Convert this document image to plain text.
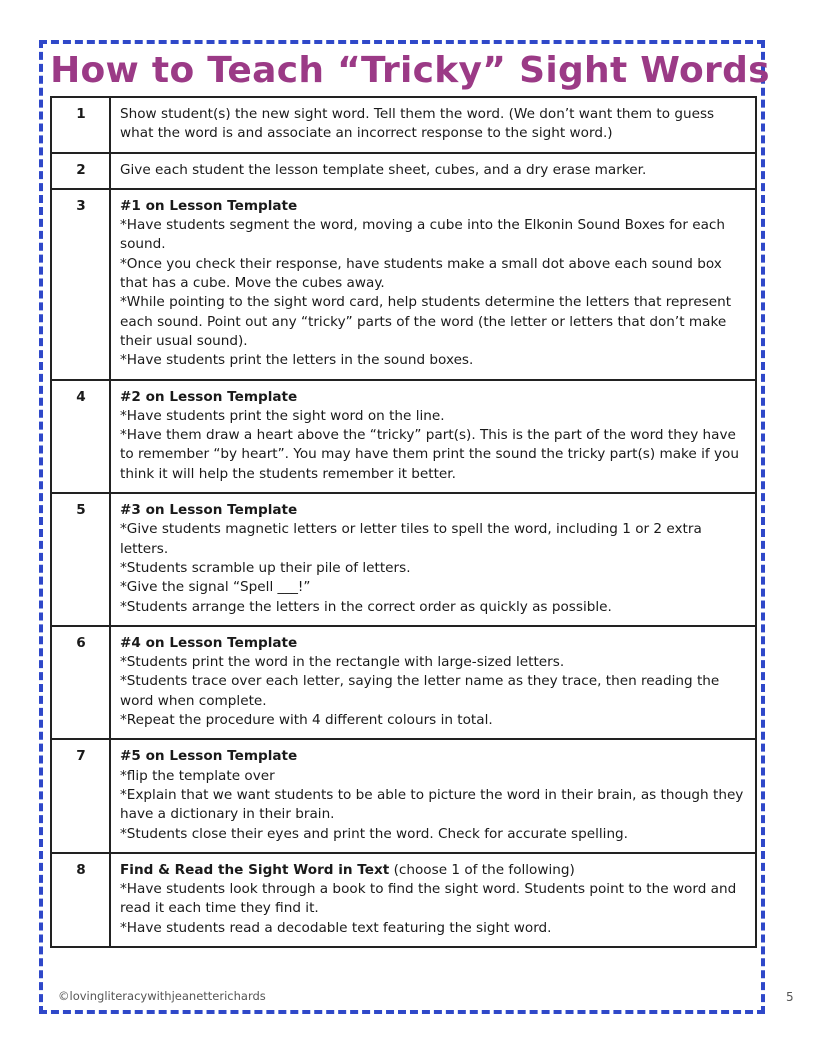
How to Teach “Tricky” Sight Words
1	Show student(s) the new sight word. Tell them the word. (We don’t want them to guess what the word is and associate an incorrect response to the sight word.)

2	Give each student the lesson template sheet, cubes, and a dry erase marker.

3	#1 on Lesson Template
*Have students segment the word, moving a cube into the Elkonin Sound Boxes for each sound.
*Once you check their response, have students make a small dot above each sound box that has a cube. Move the cubes away.
*While pointing to the sight word card, help students determine the letters that represent each sound. Point out any “tricky” parts of the word (the letter or letters that don’t make their usual sound).
*Have students print the letters in the sound boxes.

4	#2 on Lesson Template
*Have students print the sight word on the line.
*Have them draw a heart above the “tricky” part(s). This is the part of the word they have to remember “by heart”. You may have them print the sound the tricky part(s) make if you think it will help the students remember it better.

5	#3 on Lesson Template
*Give students magnetic letters or letter tiles to spell the word, including 1 or 2 extra letters.
*Students scramble up their pile of letters.
*Give the signal “Spell ___!”
*Students arrange the letters in the correct order as quickly as possible.

6	#4 on Lesson Template
*Students print the word in the rectangle with large-sized letters.
*Students trace over each letter, saying the letter name as they trace, then reading the word when complete.
*Repeat the procedure with 4 different colours in total.

7	#5 on Lesson Template
*flip the template over
*Explain that we want students to be able to picture the word in their brain, as though they have a dictionary in their brain.
*Students close their eyes and print the word. Check for accurate spelling.

8	Find & Read the Sight Word in Text (choose 1 of the following)
*Have students look through a book to find the sight word. Students point to the word and read it each time they find it.
*Have students read a decodable text featuring the sight word.
©lovingliteracywithjeanetterichards	5
